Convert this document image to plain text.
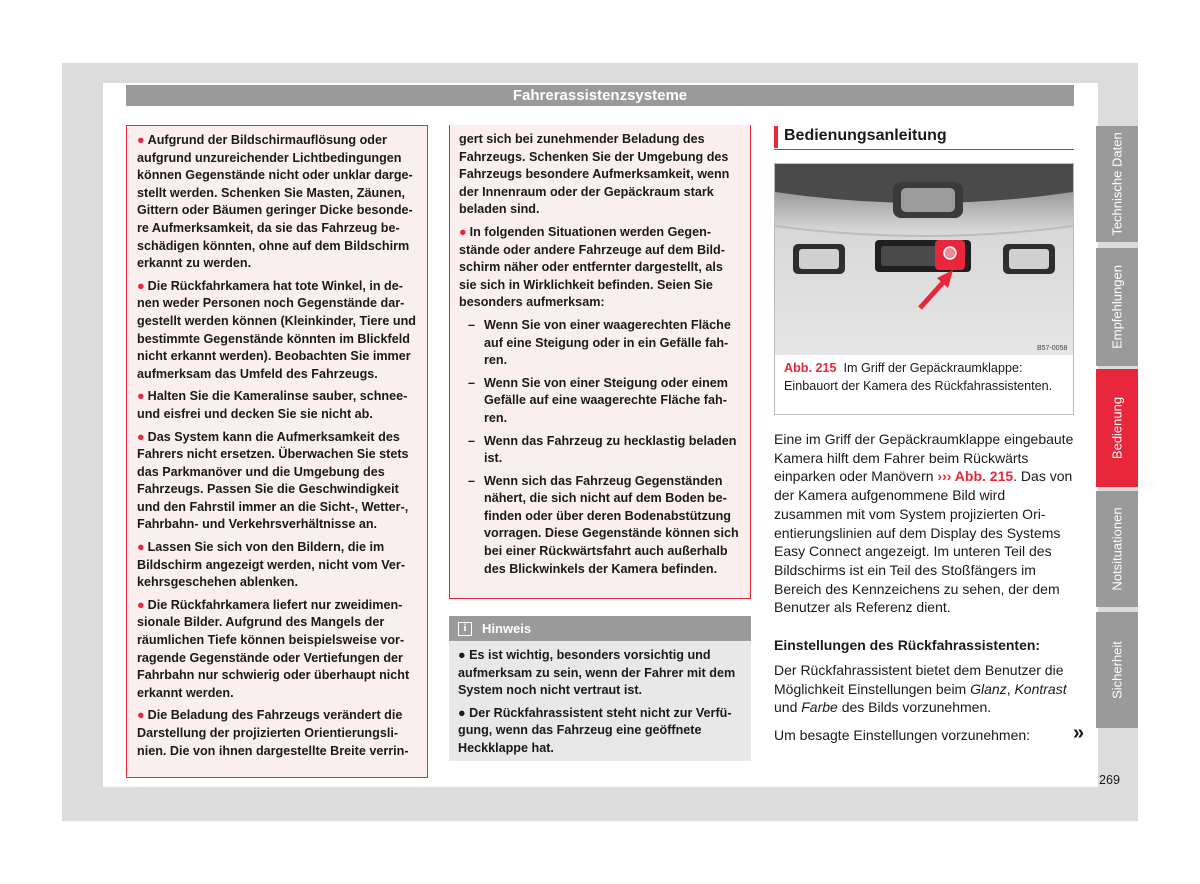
Fahrerassistenzsysteme

● Aufgrund der Bildschirmauflösung oder aufgrund unzureichender Lichtbedingungen können Gegenstände nicht oder unklar dargestellt werden. Schenken Sie Masten, Zäunen, Gittern oder Bäumen geringer Dicke besondere Aufmerksamkeit, da sie das Fahrzeug beschädigen könnten, ohne auf dem Bildschirm erkannt zu werden.

● Die Rückfahrkamera hat tote Winkel, in denen weder Personen noch Gegenstände dargestellt werden können (Kleinkinder, Tiere und bestimmte Gegenstände könnten im Blickfeld nicht erkannt werden). Beobachten Sie immer aufmerksam das Umfeld des Fahrzeugs.

● Halten Sie die Kameralinse sauber, schnee- und eisfrei und decken Sie sie nicht ab.

● Das System kann die Aufmerksamkeit des Fahrers nicht ersetzen. Überwachen Sie stets das Parkmanöver und die Umgebung des Fahrzeugs. Passen Sie die Geschwindigkeit und den Fahrstil immer an die Sicht-, Wetter-, Fahrbahn- und Verkehrsverhältnisse an.

● Lassen Sie sich von den Bildern, die im Bildschirm angezeigt werden, nicht vom Verkehrsgeschehen ablenken.

● Die Rückfahrkamera liefert nur zweidimensionale Bilder. Aufgrund des Mangels der räumlichen Tiefe können beispielsweise vorragende Gegenstände oder Vertiefungen der Fahrbahn nur schwierig oder überhaupt nicht erkannt werden.

● Die Beladung des Fahrzeugs verändert die Darstellung der projizierten Orientierungslinien. Die von ihnen dargestellte Breite verrin-

gert sich bei zunehmender Beladung des Fahrzeugs. Schenken Sie der Umgebung des Fahrzeugs besondere Aufmerksamkeit, wenn der Innenraum oder der Gepäckraum stark beladen sind.

● In folgenden Situationen werden Gegenstände oder andere Fahrzeuge auf dem Bildschirm näher oder entfernter dargestellt, als sie sich in Wirklichkeit befinden. Seien Sie besonders aufmerksam:

– Wenn Sie von einer waagerechten Fläche auf eine Steigung oder in ein Gefälle fahren.
– Wenn Sie von einer Steigung oder einem Gefälle auf eine waagerechte Fläche fahren.
– Wenn das Fahrzeug zu hecklastig beladen ist.
– Wenn sich das Fahrzeug Gegenständen nähert, die sich nicht auf dem Boden befinden oder über deren Bodenabstützung vorragen. Diese Gegenstände können sich bei einer Rückwärtsfahrt auch außerhalb des Blickwinkels der Kamera befinden.
i	Hinweis

● Es ist wichtig, besonders vorsichtig und aufmerksam zu sein, wenn der Fahrer mit dem System noch nicht vertraut ist.

● Der Rückfahrassistent steht nicht zur Verfügung, wenn das Fahrzeug eine geöffnete Heckklappe hat.

Bedienungsanleitung
B57-0058
Abb. 215 Im Griff der Gepäckraumklappe: Einbauort der Kamera des Rückfahrassistenten.
Eine im Griff der Gepäckraumklappe eingebaute Kamera hilft dem Fahrer beim Rückwärts einparken oder Manövern ››› Abb. 215. Das von der Kamera aufgenommene Bild wird zusammen mit vom System projizierten Orientierungslinien auf dem Display des Systems Easy Connect angezeigt. Im unteren Teil des Bildschirms ist ein Teil des Stoßfängers im Bereich des Kennzeichens zu sehen, der dem Benutzer als Referenz dient.
Einstellungen des Rückfahrassistenten:
Der Rückfahrassistent bietet dem Benutzer die Möglichkeit Einstellungen beim Glanz, Kontrast und Farbe des Bilds vorzunehmen.
Um besagte Einstellungen vorzunehmen:	»
Technische Daten
Empfehlungen
Bedienung
Notsituationen
Sicherheit
269
